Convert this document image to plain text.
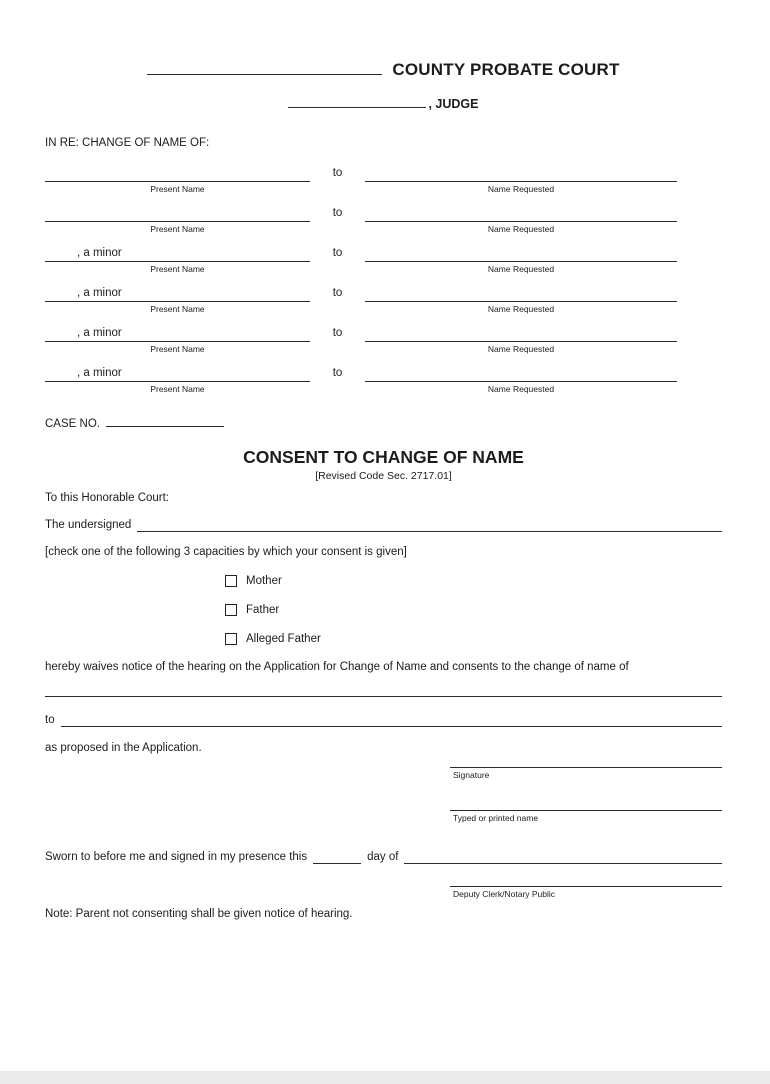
COUNTY PROBATE COURT
, JUDGE
IN RE: CHANGE OF NAME OF:
Present Name
to
Name Requested
Present Name
to
Name Requested
, a minor
Present Name
to
Name Requested
, a minor
Present Name
to
Name Requested
, a minor
Present Name
to
Name Requested
, a minor
Present Name
to
Name Requested
CASE NO.
CONSENT TO CHANGE OF NAME
[Revised Code Sec. 2717.01]
To this Honorable Court:
The undersigned
[check one of the following 3 capacities by which your consent is given]
Mother
Father
Alleged Father
hereby waives notice of the hearing on the Application for Change of Name and consents to the change of name of
to
as proposed in the Application.
Signature
Typed or printed name
Sworn to before me and signed in my presence this	day of
Deputy Clerk/Notary Public
Note: Parent not consenting shall be given notice of hearing.
